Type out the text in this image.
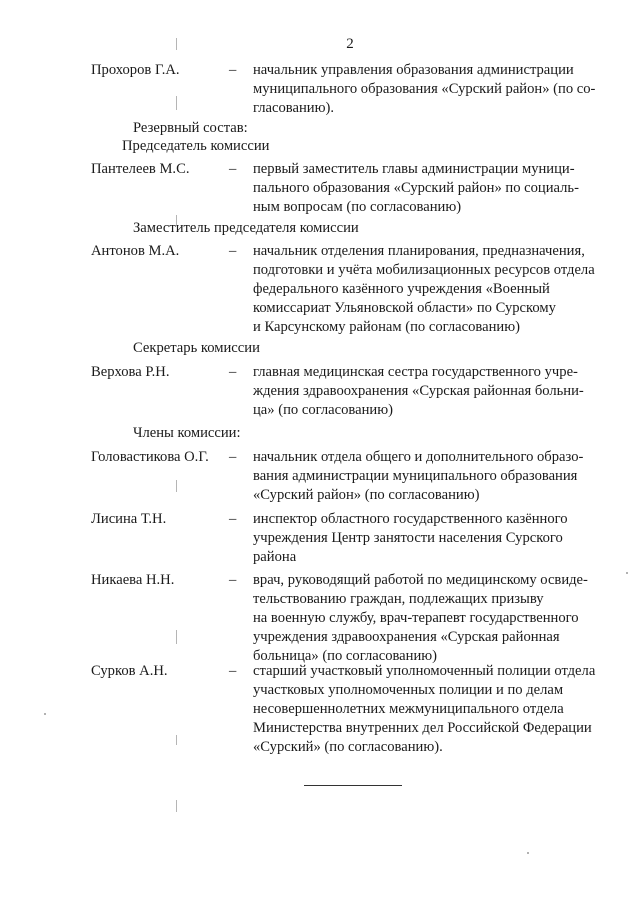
2
Прохоров Г.А.	– начальник управления образования администрации

муниципального образования «Сурский район» (по со-

гласованию).

Резервный состав:
Председатель комиссии
Пантелеев М.С.	– первый заместитель главы администрации муници-

пального образования «Сурский район» по социаль-

ным вопросам (по согласованию)

Заместитель председателя комиссии
Антонов М.А.	– начальник отделения планирования, предназначения,

подготовки и учёта мобилизационных ресурсов отдела

федерального казённого учреждения «Военный

комиссариат Ульяновской области» по Сурскому

и Карсунскому районам (по согласованию)

Секретарь комиссии
Верхова Р.Н.	– главная медицинская сестра государственного учре-

ждения здравоохранения «Сурская районная больни-

ца» (по согласованию)

Члены комиссии:
Головастикова О.Г. – начальник отдела общего и дополнительного образо-

вания администрации муниципального образования

«Сурский район» (по согласованию)

Лисина Т.Н.	– инспектор областного государственного казённого

учреждения Центр занятости населения Сурского

района

Никаева Н.Н.	– врач, руководящий работой по медицинскому освиде-

тельствованию граждан, подлежащих призыву

на военную службу, врач-терапевт государственного

учреждения здравоохранения «Сурская районная

больница» (по согласованию)

Сурков А.Н.	– старший участковый уполномоченный полиции отдела

участковых уполномоченных полиции и по делам

несовершеннолетних межмуниципального отдела

Министерства внутренних дел Российской Федерации

«Сурский» (по согласованию).
